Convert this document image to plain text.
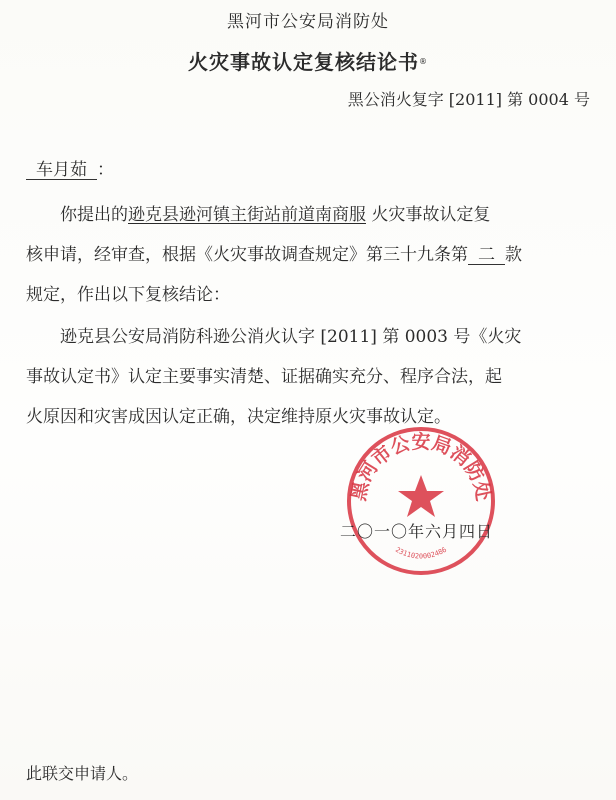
黑河市公安局消防处
火灾事故认定复核结论书®
黑公消火复字 [2011] 第 0004 号
车月茹 ：
你提出的逊克县逊河镇主街站前道南商服 火灾事故认定复
核申请，经审查，根据《火灾事故调查规定》第三十九条第 二 款
规定，作出以下复核结论：
逊克县公安局消防科逊公消火认字 [2011] 第 0003 号《火灾
事故认定书》认定主要事实清楚、证据确实充分、程序合法，起
火原因和灾害成因认定正确，决定维持原火灾事故认定。
黑河市公安局消防处
2311020002486
二〇一〇年六月四日
此联交申请人。
